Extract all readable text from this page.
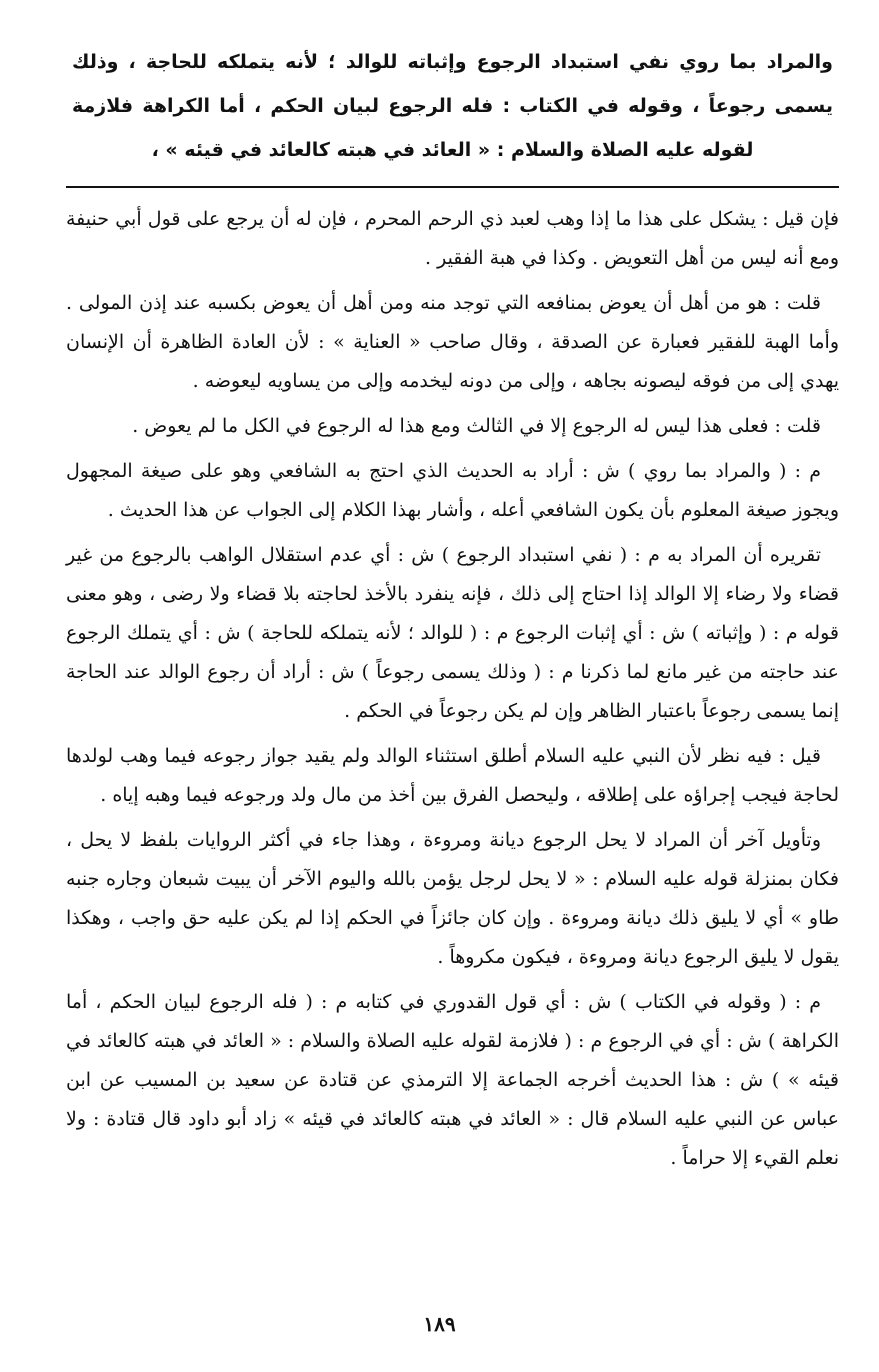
والمراد بما روي نفي استبداد الرجوع وإثباته للوالد ؛ لأنه يتملكه للحاجة ، وذلك يسمى رجوعاً ، وقوله في الكتاب : فله الرجوع لبيان الحكم ، أما الكراهة فلازمة لقوله عليه الصلاة والسلام : « العائد في هبته كالعائد في قيئه » ،

فإن قيل : يشكل على هذا ما إذا وهب لعبد ذي الرحم المحرم ، فإن له أن يرجع على قول أبي حنيفة ومع أنه ليس من أهل التعويض . وكذا في هبة الفقير .

قلت : هو من أهل أن يعوض بمنافعه التي توجد منه ومن أهل أن يعوض بكسبه عند إذن المولى . وأما الهبة للفقير فعبارة عن الصدقة ، وقال صاحب « العناية » : لأن العادة الظاهرة أن الإنسان يهدي إلى من فوقه ليصونه بجاهه ، وإلى من دونه ليخدمه وإلى من يساويه ليعوضه .

قلت : فعلى هذا ليس له الرجوع إلا في الثالث ومع هذا له الرجوع في الكل ما لم يعوض .

م : ( والمراد بما روي ) ش : أراد به الحديث الذي احتج به الشافعي وهو على صيغة المجهول ويجوز صيغة المعلوم بأن يكون الشافعي أعله ، وأشار بهذا الكلام إلى الجواب عن هذا الحديث .

تقريره أن المراد به م : ( نفي استبداد الرجوع ) ش : أي عدم استقلال الواهب بالرجوع من غير قضاء ولا رضاء إلا الوالد إذا احتاج إلى ذلك ، فإنه ينفرد بالأخذ لحاجته بلا قضاء ولا رضى ، وهو معنى قوله م : ( وإثباته ) ش : أي إثبات الرجوع م : ( للوالد ؛ لأنه يتملكه للحاجة ) ش : أي يتملك الرجوع عند حاجته من غير مانع لما ذكرنا م : ( وذلك يسمى رجوعاً ) ش : أراد أن رجوع الوالد عند الحاجة إنما يسمى رجوعاً باعتبار الظاهر وإن لم يكن رجوعاً في الحكم .

قيل : فيه نظر لأن النبي عليه السلام أطلق استثناء الوالد ولم يقيد جواز رجوعه فيما وهب لولدها لحاجة فيجب إجراؤه على إطلاقه ، وليحصل الفرق بين أخذ من مال ولد ورجوعه فيما وهبه إياه .

وتأويل آخر أن المراد لا يحل الرجوع ديانة ومروءة ، وهذا جاء في أكثر الروايات بلفظ لا يحل ، فكان بمنزلة قوله عليه السلام : « لا يحل لرجل يؤمن بالله واليوم الآخر أن يبيت شبعان وجاره جنبه طاو » أي لا يليق ذلك ديانة ومروءة . وإن كان جائزاً في الحكم إذا لم يكن عليه حق واجب ، وهكذا يقول لا يليق الرجوع ديانة ومروءة ، فيكون مكروهاً .

م : ( وقوله في الكتاب ) ش : أي قول القدوري في كتابه م : ( فله الرجوع لبيان الحكم ، أما الكراهة ) ش : أي في الرجوع م : ( فلازمة لقوله عليه الصلاة والسلام : « العائد في هبته كالعائد في قيئه » ) ش : هذا الحديث أخرجه الجماعة إلا الترمذي عن قتادة عن سعيد بن المسيب عن ابن عباس عن النبي عليه السلام قال : « العائد في هبته كالعائد في قيئه » زاد أبو داود قال قتادة : ولا نعلم القيء إلا حراماً .

١٨٩
